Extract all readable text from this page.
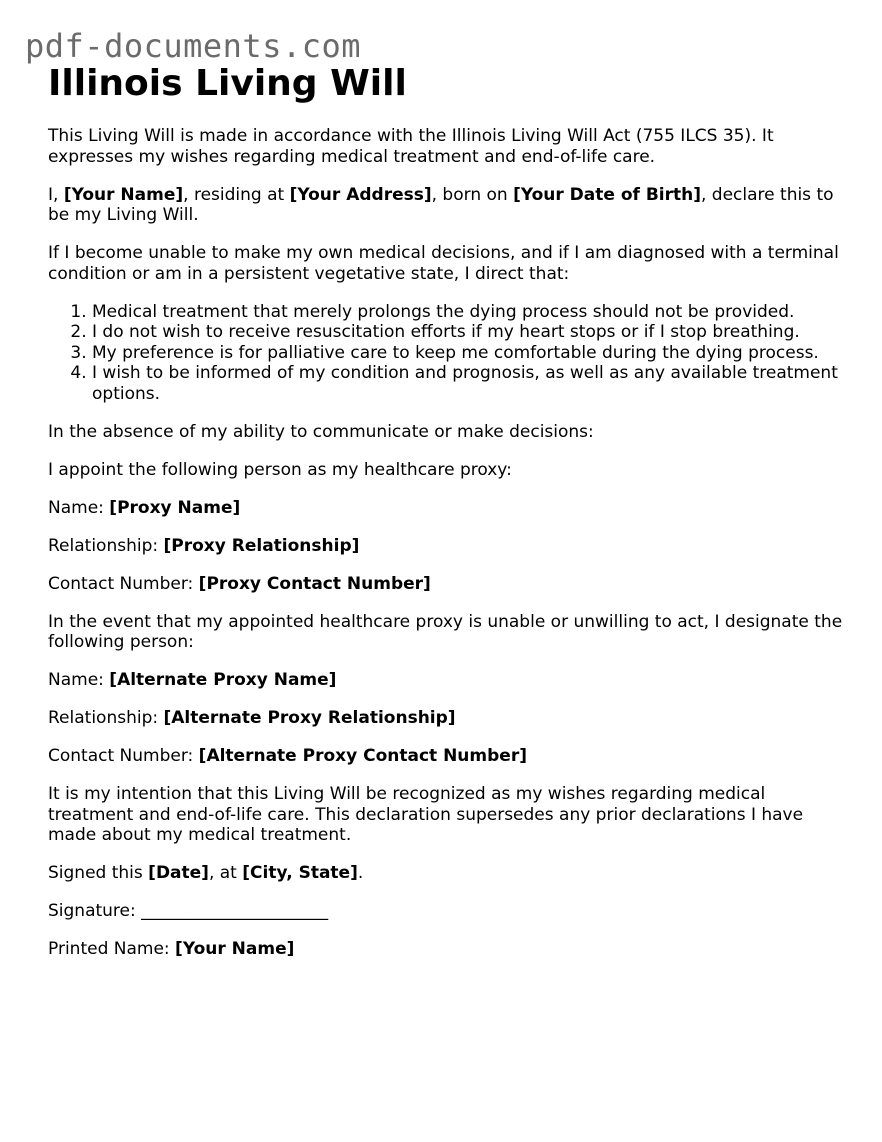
pdf-documents.com
Illinois Living Will

This Living Will is made in accordance with the Illinois Living Will Act (755 ILCS 35). It expresses my wishes regarding medical treatment and end-of-life care.

I, [Your Name], residing at [Your Address], born on [Your Date of Birth], declare this to be my Living Will.

If I become unable to make my own medical decisions, and if I am diagnosed with a terminal condition or am in a persistent vegetative state, I direct that:

1. Medical treatment that merely prolongs the dying process should not be provided.
2. I do not wish to receive resuscitation efforts if my heart stops or if I stop breathing.
3. My preference is for palliative care to keep me comfortable during the dying process.
4. I wish to be informed of my condition and prognosis, as well as any available treatment options.

In the absence of my ability to communicate or make decisions:

I appoint the following person as my healthcare proxy:

Name: [Proxy Name]

Relationship: [Proxy Relationship]

Contact Number: [Proxy Contact Number]

In the event that my appointed healthcare proxy is unable or unwilling to act, I designate the following person:

Name: [Alternate Proxy Name]

Relationship: [Alternate Proxy Relationship]

Contact Number: [Alternate Proxy Contact Number]

It is my intention that this Living Will be recognized as my wishes regarding medical treatment and end-of-life care. This declaration supersedes any prior declarations I have made about my medical treatment.

Signed this [Date], at [City, State].

Signature: ______________________

Printed Name: [Your Name]
